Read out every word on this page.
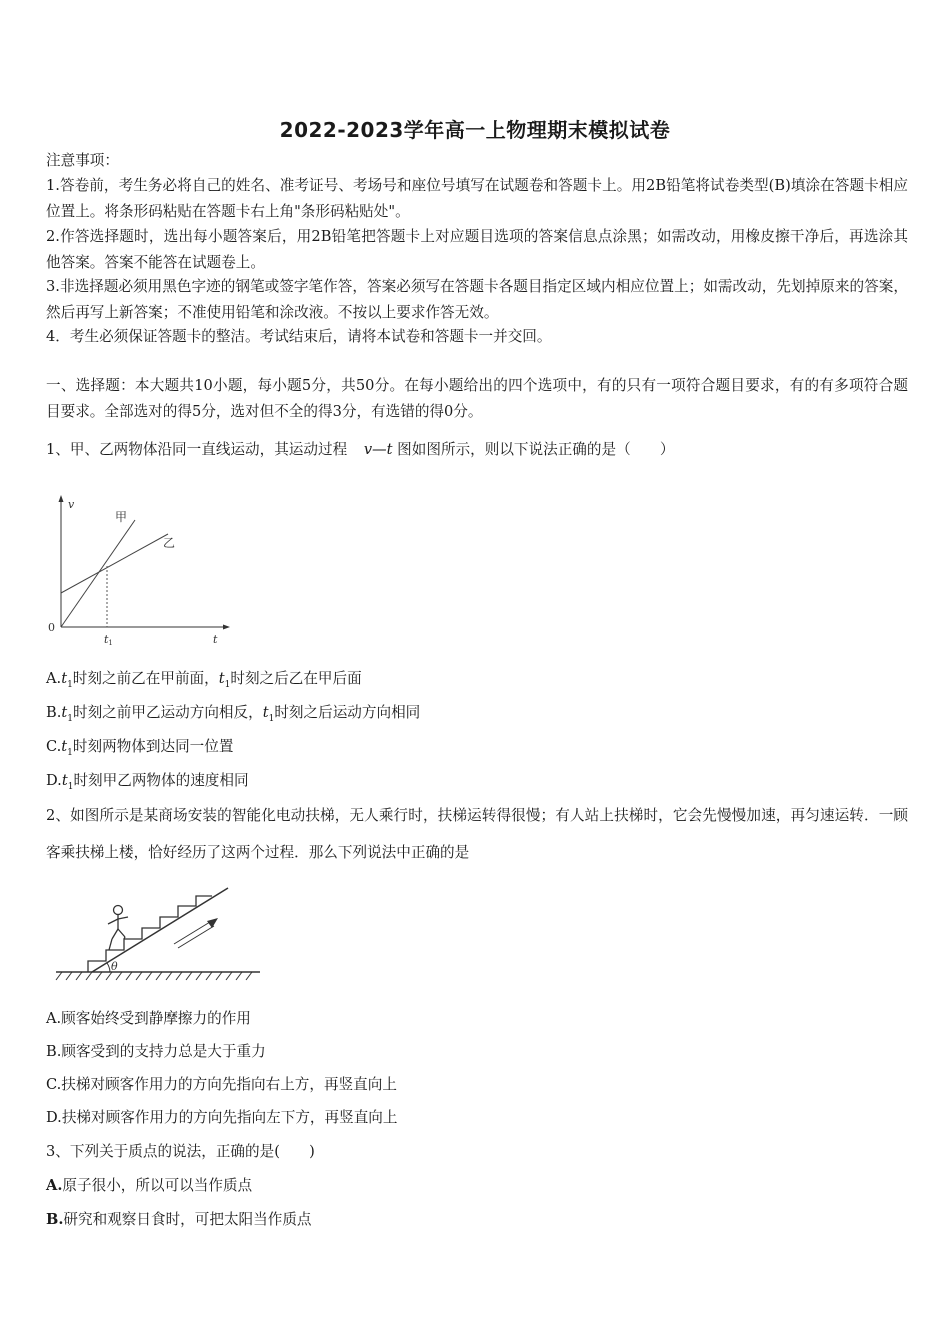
2022-2023学年高一上物理期末模拟试卷
注意事项：
1.答卷前，考生务必将自己的姓名、准考证号、考场号和座位号填写在试题卷和答题卡上。用2B铅笔将试卷类型(B)填涂在答题卡相应位置上。将条形码粘贴在答题卡右上角"条形码粘贴处"。
2.作答选择题时，选出每小题答案后，用2B铅笔把答题卡上对应题目选项的答案信息点涂黑；如需改动，用橡皮擦干净后，再选涂其他答案。答案不能答在试题卷上。
3.非选择题必须用黑色字迹的钢笔或签字笔作答，答案必须写在答题卡各题目指定区域内相应位置上；如需改动，先划掉原来的答案，然后再写上新答案；不准使用铅笔和涂改液。不按以上要求作答无效。
4．考生必须保证答题卡的整洁。考试结束后，请将本试卷和答题卡一并交回。
一、选择题：本大题共10小题，每小题5分，共50分。在每小题给出的四个选项中，有的只有一项符合题目要求，有的有多项符合题目要求。全部选对的得5分，选对但不全的得3分，有选错的得0分。
1、甲、乙两物体沿同一直线运动，其运动过程 v—t 图如图所示，则以下说法正确的是（　　）
v
t
0
t1
甲
乙
$A.t_1$时刻之前乙在甲前面，$t_1$时刻之后乙在甲后面
$B.t_1$时刻之前甲乙运动方向相反，$t_1$时刻之后运动方向相同
$C.t_1$时刻两物体到达同一位置
$D.t_1$时刻甲乙两物体的速度相同
2、如图所示是某商场安装的智能化电动扶梯，无人乘行时，扶梯运转得很慢；有人站上扶梯时，它会先慢慢加速，再匀速运转．一顾客乘扶梯上楼，恰好经历了这两个过程．那么下列说法中正确的是
θ
A.顾客始终受到静摩擦力的作用
B.顾客受到的支持力总是大于重力
C.扶梯对顾客作用力的方向先指向右上方，再竖直向上
D.扶梯对顾客作用力的方向先指向左下方，再竖直向上
3、下列关于质点的说法，正确的是(　　)
A.原子很小，所以可以当作质点
B.研究和观察日食时，可把太阳当作质点
